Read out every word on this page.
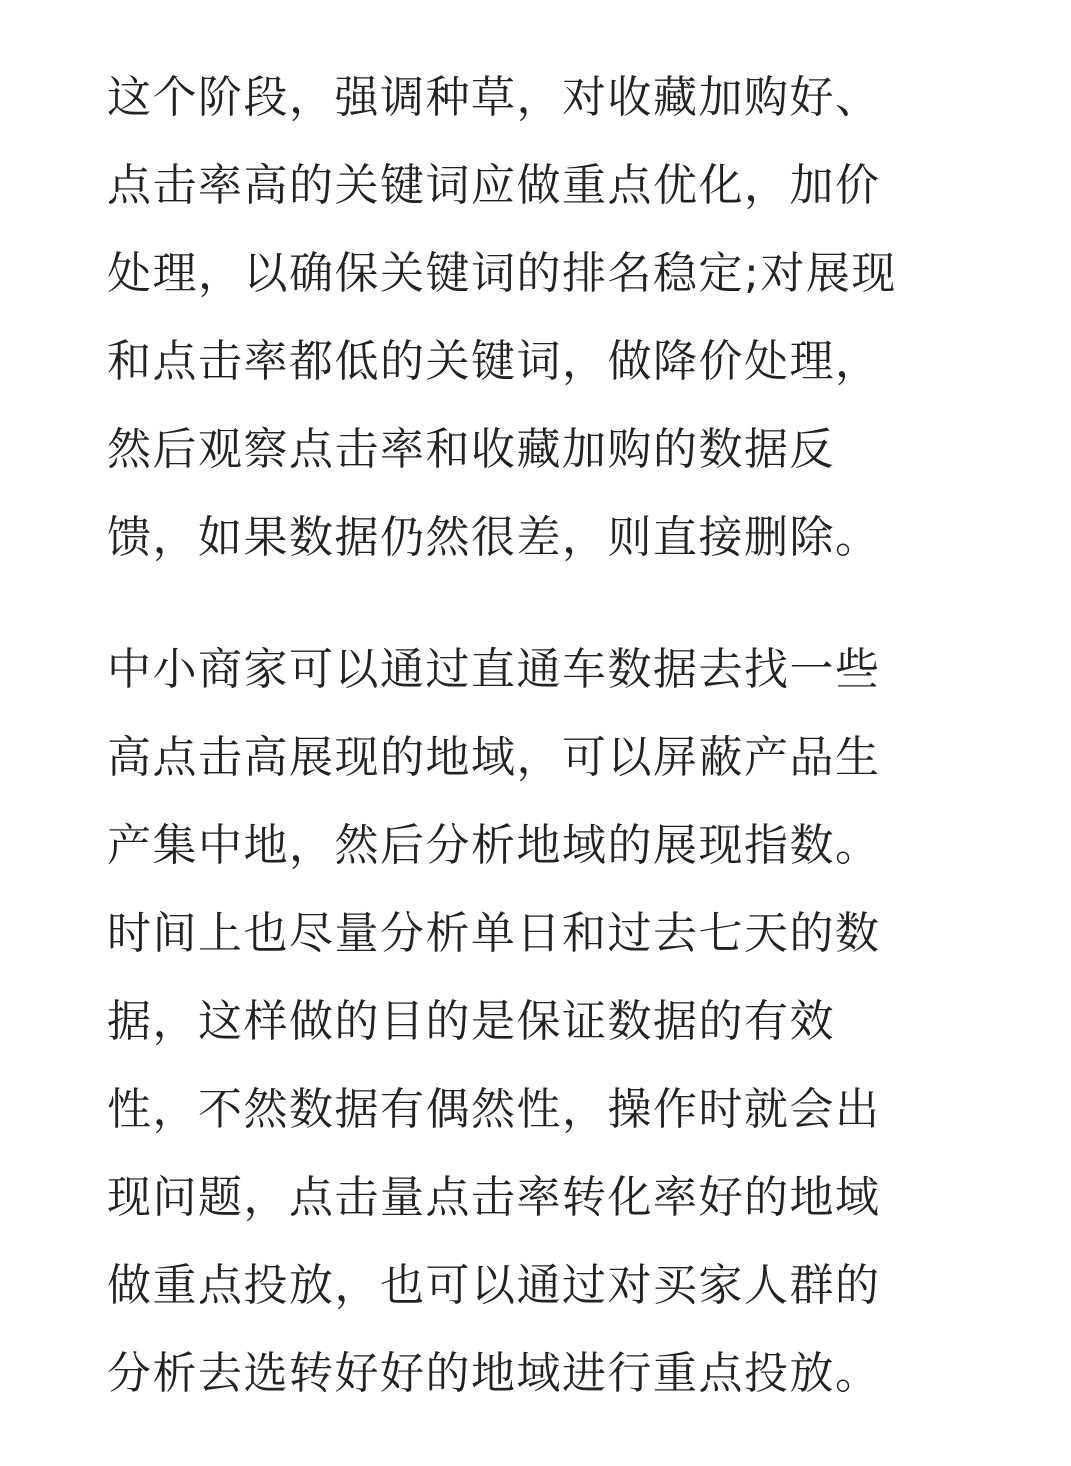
这个阶段，强调种草，对收藏加购好、
点击率高的关键词应做重点优化，加价
处理，以确保关键词的排名稳定;对展现
和点击率都低的关键词，做降价处理，
然后观察点击率和收藏加购的数据反
馈，如果数据仍然很差，则直接删除。
中小商家可以通过直通车数据去找一些
高点击高展现的地域，可以屏蔽产品生
产集中地，然后分析地域的展现指数。
时间上也尽量分析单日和过去七天的数
据，这样做的目的是保证数据的有效
性，不然数据有偶然性，操作时就会出
现问题，点击量点击率转化率好的地域
做重点投放，也可以通过对买家人群的
分析去选转好好的地域进行重点投放。
